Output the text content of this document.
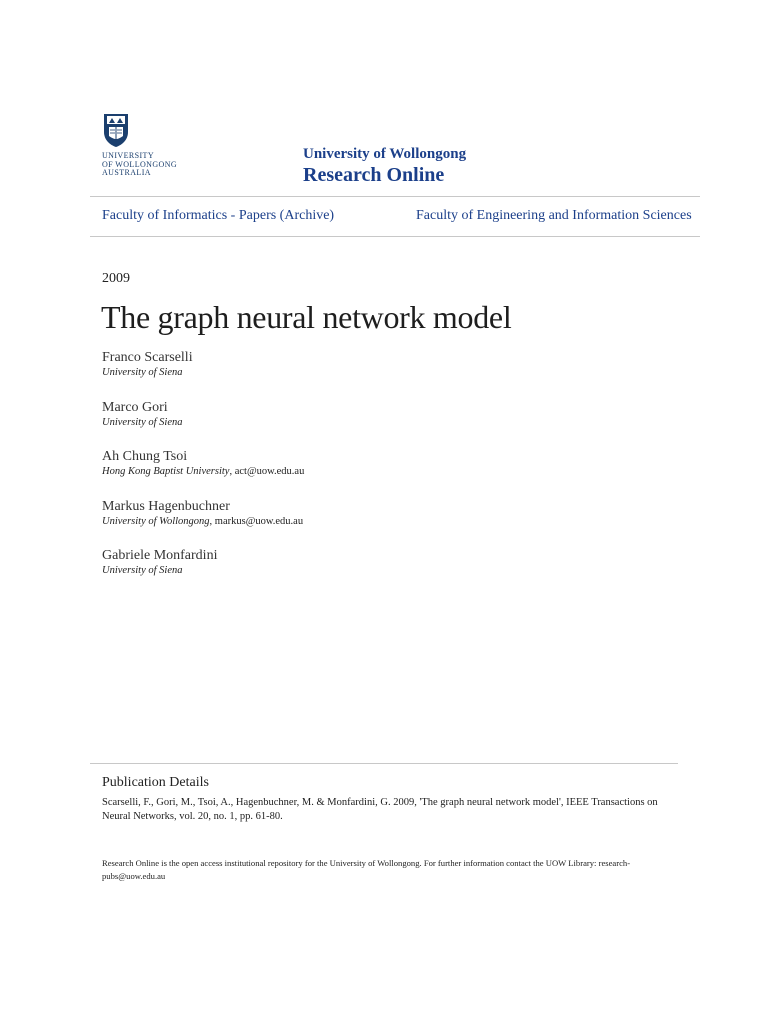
UNIVERSITY
OF WOLLONGONG
AUSTRALIA
University of Wollongong
Research Online
Faculty of Informatics - Papers (Archive)	Faculty of Engineering and Information Sciences
2009
The graph neural network model
Franco Scarselli
University of Siena
Marco Gori
University of Siena
Ah Chung Tsoi
Hong Kong Baptist University, act@uow.edu.au
Markus Hagenbuchner
University of Wollongong, markus@uow.edu.au
Gabriele Monfardini
University of Siena
Publication Details
Scarselli, F., Gori, M., Tsoi, A., Hagenbuchner, M. & Monfardini, G. 2009, 'The graph neural network model', IEEE Transactions on Neural Networks, vol. 20, no. 1, pp. 61-80.
Research Online is the open access institutional repository for the University of Wollongong. For further information contact the UOW Library: research-pubs@uow.edu.au
